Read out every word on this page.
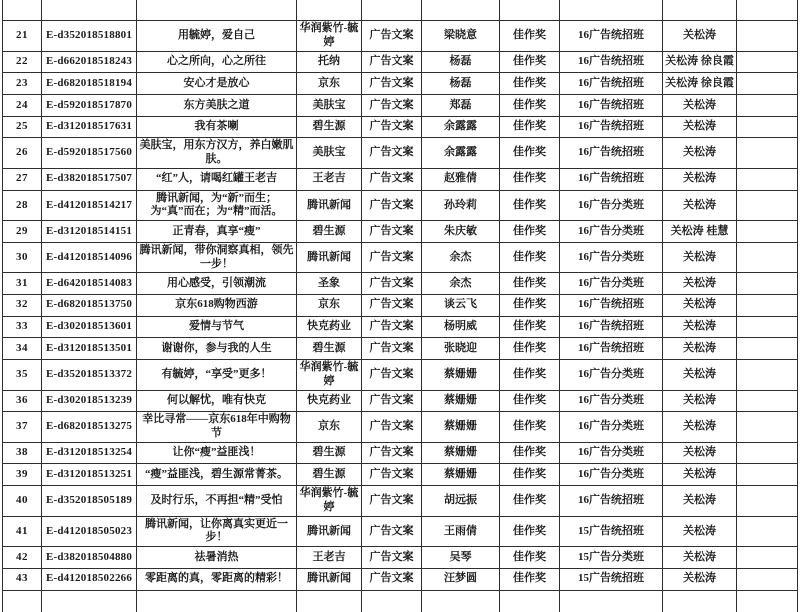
21	E-d352018518801	用毓婷，爱自己	华润紫竹-毓婷	广告文案	梁晓意	佳作奖	16广告统招班	关松涛	
22	E-d662018518243	心之所向，心之所往	托纳	广告文案	杨磊	佳作奖	16广告统招班	关松涛 徐良霞	
23	E-d682018518194	安心才是放心	京东	广告文案	杨磊	佳作奖	16广告统招班	关松涛 徐良霞	
24	E-d592018517870	东方美肤之道	美肤宝	广告文案	郑磊	佳作奖	16广告统招班	关松涛	
25	E-d312018517631	我有茶喇	碧生源	广告文案	余露露	佳作奖	16广告统招班	关松涛	
26	E-d592018517560	美肤宝，用东方汉方，养白嫩肌肤。	美肤宝	广告文案	余露露	佳作奖	16广告统招班	关松涛	
27	E-d382018517507	“红”人，请喝红罐王老吉	王老吉	广告文案	赵雅倩	佳作奖	16广告统招班	关松涛	
28	E-d412018514217	腾讯新闻，为“新”而生；为“真”而在；为“精”而活。	腾讯新闻	广告文案	孙玲莉	佳作奖	16广告分类班	关松涛	
29	E-d312018514151	正青春，真享“瘦”	碧生源	广告文案	朱庆敏	佳作奖	16广告分类班	关松涛 桂慧	
30	E-d412018514096	腾讯新闻，带你洞察真相，领先一步！	腾讯新闻	广告文案	余杰	佳作奖	16广告分类班	关松涛	
31	E-d642018514083	用心感受，引领潮流	圣象	广告文案	余杰	佳作奖	16广告分类班	关松涛	
32	E-d682018513750	京东618购物西游	京东	广告文案	谈云飞	佳作奖	16广告统招班	关松涛	
33	E-d302018513601	爱情与节气	快克药业	广告文案	杨明威	佳作奖	16广告统招班	关松涛	
34	E-d312018513501	谢谢你，参与我的人生	碧生源	广告文案	张晓迎	佳作奖	16广告统招班	关松涛	
35	E-d352018513372	有毓婷，“享受”更多！	华润紫竹-毓婷	广告文案	蔡姗姗	佳作奖	16广告分类班	关松涛	
36	E-d302018513239	何以解忧，唯有快克	快克药业	广告文案	蔡姗姗	佳作奖	16广告分类班	关松涛	
37	E-d682018513275	幸比寻常——京东618年中购物节	京东	广告文案	蔡姗姗	佳作奖	16广告分类班	关松涛	
38	E-d312018513254	让你“瘦”益匪浅！	碧生源	广告文案	蔡姗姗	佳作奖	16广告分类班	关松涛	
39	E-d312018513251	“瘦”益匪浅，碧生源常菁茶。	碧生源	广告文案	蔡姗姗	佳作奖	16广告分类班	关松涛	
40	E-d352018505189	及时行乐，不再担“精”受怕	华润紫竹-毓婷	广告文案	胡远振	佳作奖	16广告统招班	关松涛	
41	E-d412018505023	腾讯新闻，让你离真实更近一步！	腾讯新闻	广告文案	王雨倩	佳作奖	15广告统招班	关松涛	
42	E-d382018504880	祛暑消热	王老吉	广告文案	吴琴	佳作奖	15广告分类班	关松涛	
43	E-d412018502266	零距离的真，零距离的精彩！	腾讯新闻	广告文案	汪梦圆	佳作奖	15广告统招班	关松涛	
